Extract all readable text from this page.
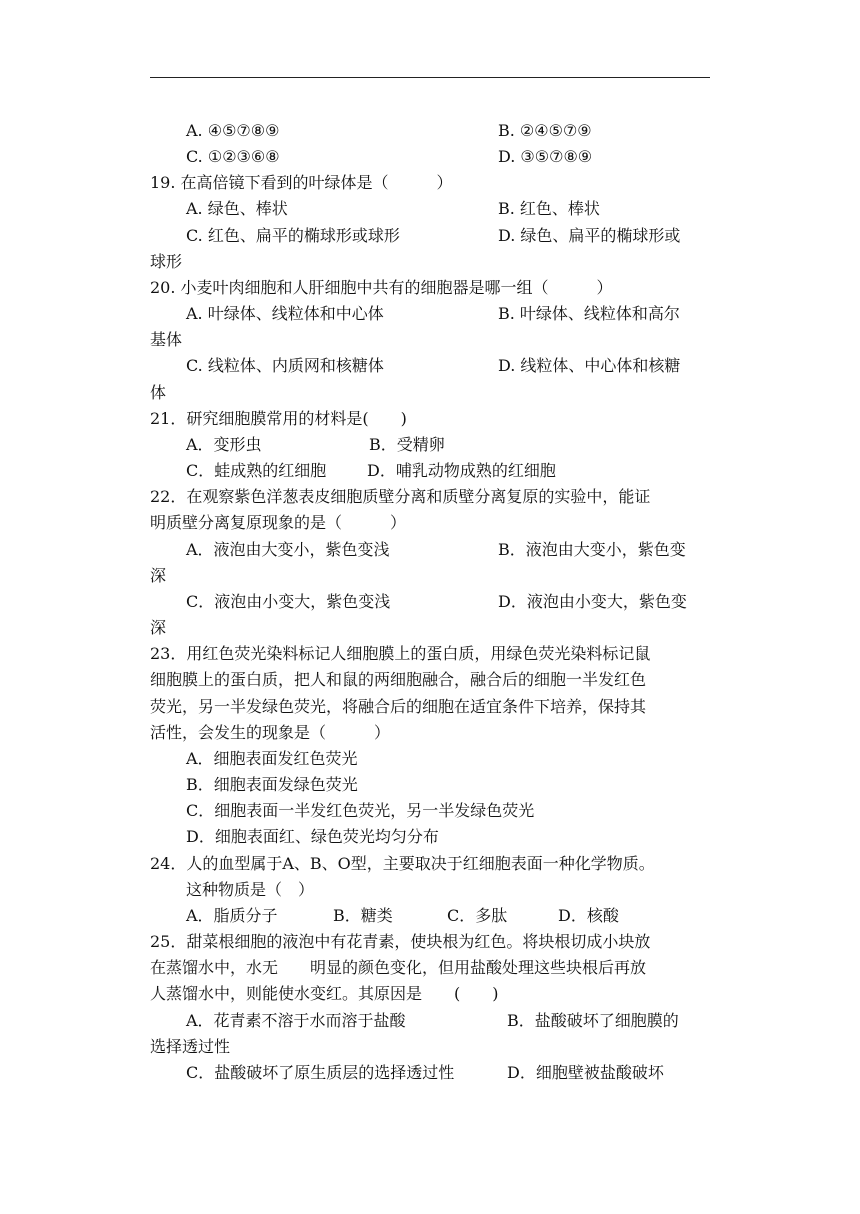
A. ④⑤⑦⑧⑨	B. ②④⑤⑦⑨
C. ①②③⑥⑧	D. ③⑤⑦⑧⑨
19. 在高倍镜下看到的叶绿体是（　　　）
A. 绿色、棒状	B. 红色、棒状
C. 红色、扁平的椭球形或球形	D. 绿色、扁平的椭球形或
球形
20. 小麦叶肉细胞和人肝细胞中共有的细胞器是哪一组（　　　）
A. 叶绿体、线粒体和中心体	B. 叶绿体、线粒体和高尔
基体
C. 线粒体、内质网和核糖体	D. 线粒体、中心体和核糖
体
21．研究细胞膜常用的材料是(　　)
A．变形虫	B．受精卵
C．蛙成熟的红细胞	D．哺乳动物成熟的红细胞
22．在观察紫色洋葱表皮细胞质壁分离和质壁分离复原的实验中，能证
明质壁分离复原现象的是（　　　）
A．液泡由大变小，紫色变浅	B．液泡由大变小，紫色变
深
C．液泡由小变大，紫色变浅	D．液泡由小变大，紫色变
深
23．用红色荧光染料标记人细胞膜上的蛋白质，用绿色荧光染料标记鼠
细胞膜上的蛋白质，把人和鼠的两细胞融合，融合后的细胞一半发红色
荧光，另一半发绿色荧光，将融合后的细胞在适宜条件下培养，保持其
活性，会发生的现象是（　　　）
A．细胞表面发红色荧光
B．细胞表面发绿色荧光
C．细胞表面一半发红色荧光，另一半发绿色荧光
D．细胞表面红、绿色荧光均匀分布
24．人的血型属于A、B、O型，主要取决于红细胞表面一种化学物质。
这种物质是（　）
A．脂质分子	B．糖类	C．多肽	D．核酸
25．甜菜根细胞的液泡中有花青素，使块根为红色。将块根切成小块放
在蒸馏水中，水无　　明显的颜色变化，但用盐酸处理这些块根后再放
人蒸馏水中，则能使水变红。其原因是　　(　　)
A．花青素不溶于水而溶于盐酸	B．盐酸破坏了细胞膜的
选择透过性
C．盐酸破坏了原生质层的选择透过性	D．细胞壁被盐酸破坏
